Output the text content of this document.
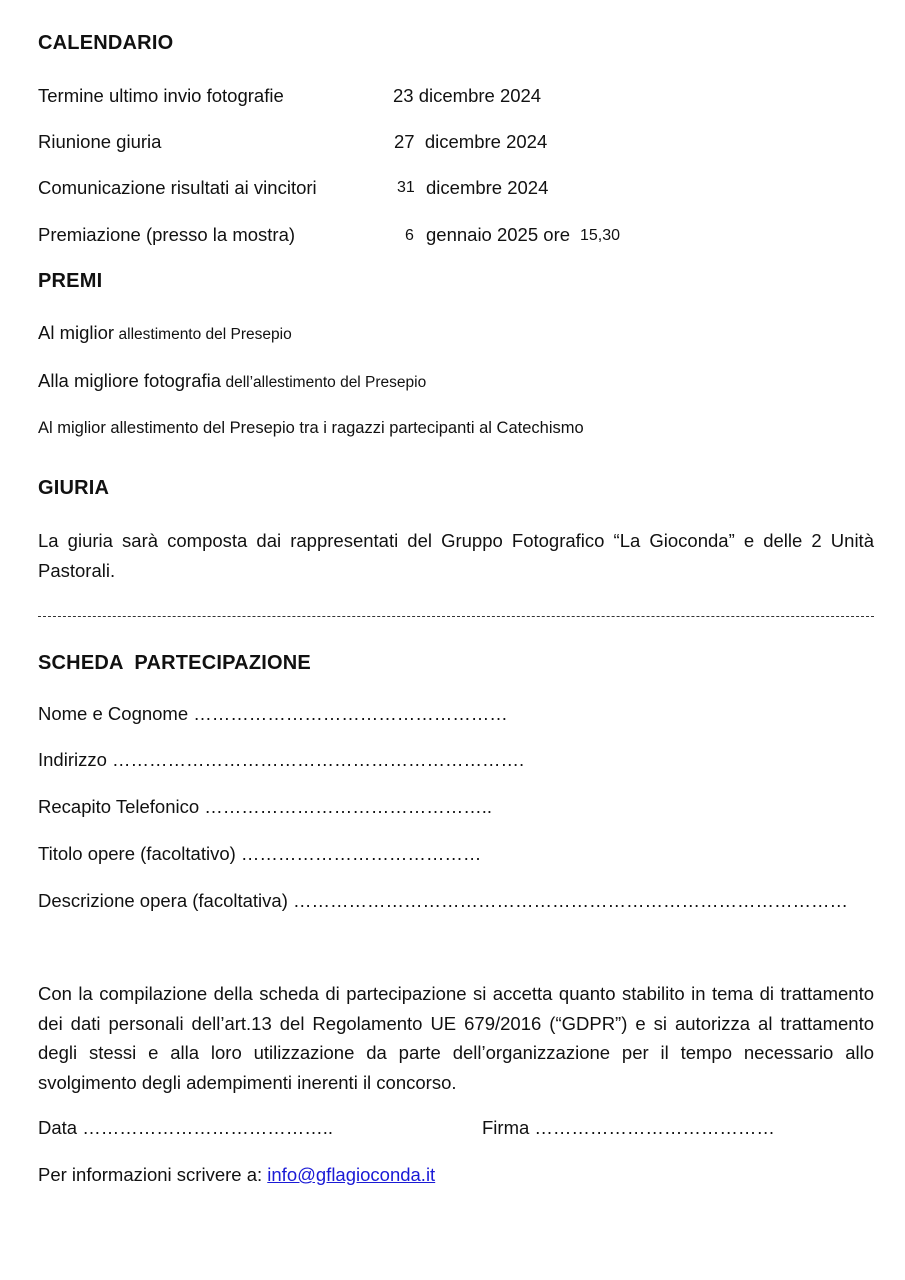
CALENDARIO
Termine ultimo invio fotografie	23 dicembre 2024
Riunione giuria	27  dicembre 2024
Comunicazione risultati ai vincitori	31 dicembre 2024
Premiazione (presso la mostra)	6 gennaio 2025 ore 15,30
PREMI
Al miglior allestimento del Presepio
Alla migliore fotografia dell’allestimento del Presepio
Al miglior allestimento del Presepio tra i ragazzi partecipanti al Catechismo
GIURIA

La giuria sarà composta dai rappresentati del Gruppo Fotografico “La Gioconda” e delle 2 Unità Pastorali.

SCHEDA  PARTECIPAZIONE
Nome e Cognome ……………………………………………
Indirizzo ………………………………………………………….
Recapito Telefonico ………………………………………..
Titolo opere (facoltativo) …………………………………
Descrizione opera (facoltativa) ………………………………………………………………………………

Con la compilazione della scheda di partecipazione si accetta quanto stabilito in tema di trattamento dei dati personali dell’art.13 del Regolamento UE 679/2016 (“GDPR”) e si autorizza al trattamento degli stessi e alla loro utilizzazione da parte dell’organizzazione per il tempo necessario allo svolgimento degli adempimenti inerenti il concorso.

Data …………………………………..	Firma …………………………………
Per informazioni scrivere a: info@gflagioconda.it
